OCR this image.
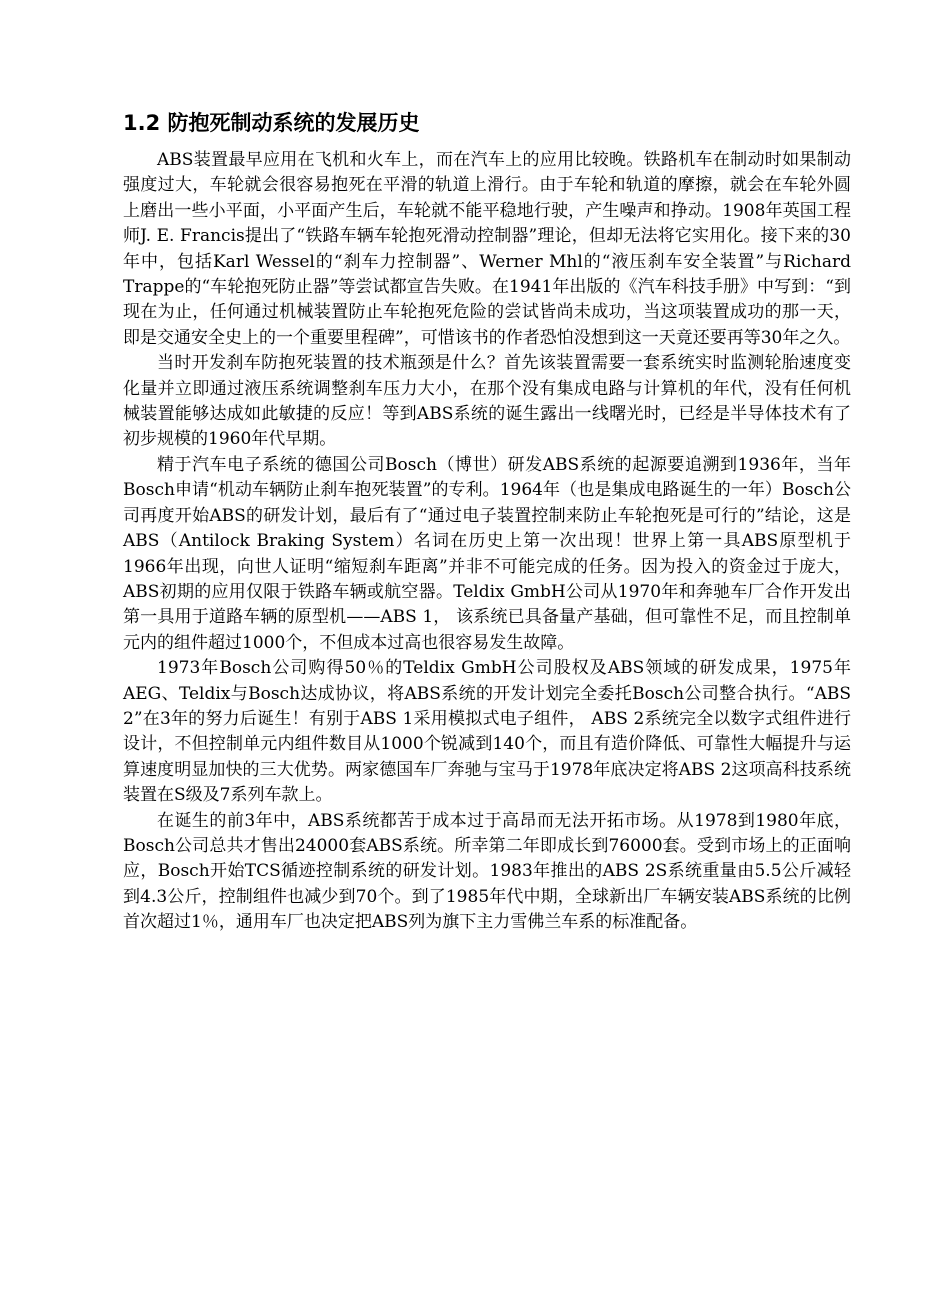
1.2 防抱死制动系统的发展历史

ABS装置最早应用在飞机和火车上，而在汽车上的应用比较晚。铁路机车在制动时如果制动强度过大，车轮就会很容易抱死在平滑的轨道上滑行。由于车轮和轨道的摩擦，就会在车轮外圆上磨出一些小平面，小平面产生后，车轮就不能平稳地行驶，产生噪声和挣动。1908年英国工程师J. E. Francis提出了“铁路车辆车轮抱死滑动控制器”理论，但却无法将它实用化。接下来的30年中，包括Karl Wessel的“刹车力控制器”、Werner Mhl的“液压刹车安全装置”与Richard Trappe的“车轮抱死防止器”等尝试都宣告失败。在1941年出版的《汽车科技手册》中写到：“到现在为止，任何通过机械装置防止车轮抱死危险的尝试皆尚未成功，当这项装置成功的那一天，即是交通安全史上的一个重要里程碑”，可惜该书的作者恐怕没想到这一天竟还要再等30年之久。

当时开发刹车防抱死装置的技术瓶颈是什么？首先该装置需要一套系统实时监测轮胎速度变化量并立即通过液压系统调整刹车压力大小，在那个没有集成电路与计算机的年代，没有任何机械装置能够达成如此敏捷的反应！等到ABS系统的诞生露出一线曙光时，已经是半导体技术有了初步规模的1960年代早期。

精于汽车电子系统的德国公司Bosch（博世）研发ABS系统的起源要追溯到1936年，当年Bosch申请“机动车辆防止刹车抱死装置”的专利。1964年（也是集成电路诞生的一年）Bosch公司再度开始ABS的研发计划，最后有了“通过电子装置控制来防止车轮抱死是可行的”结论，这是ABS（Antilock Braking System）名词在历史上第一次出现！世界上第一具ABS原型机于1966年出现，向世人证明“缩短刹车距离”并非不可能完成的任务。因为投入的资金过于庞大，ABS初期的应用仅限于铁路车辆或航空器。Teldix GmbH公司从1970年和奔驰车厂合作开发出第一具用于道路车辆的原型机——ABS 1， 该系统已具备量产基础，但可靠性不足，而且控制单元内的组件超过1000个，不但成本过高也很容易发生故障。

1973年Bosch公司购得50％的Teldix GmbH公司股权及ABS领域的研发成果，1975年AEG、Teldix与Bosch达成协议，将ABS系统的开发计划完全委托Bosch公司整合执行。“ABS 2”在3年的努力后诞生！有别于ABS 1采用模拟式电子组件， ABS 2系统完全以数字式组件进行设计，不但控制单元内组件数目从1000个锐减到140个，而且有造价降低、可靠性大幅提升与运算速度明显加快的三大优势。两家德国车厂奔驰与宝马于1978年底决定将ABS 2这项高科技系统装置在S级及7系列车款上。

在诞生的前3年中，ABS系统都苦于成本过于高昂而无法开拓市场。从1978到1980年底，Bosch公司总共才售出24000套ABS系统。所幸第二年即成长到76000套。受到市场上的正面响应，Bosch开始TCS循迹控制系统的研发计划。1983年推出的ABS 2S系统重量由5.5公斤减轻到4.3公斤，控制组件也减少到70个。到了1985年代中期，全球新出厂车辆安装ABS系统的比例首次超过1％，通用车厂也决定把ABS列为旗下主力雪佛兰车系的标准配备。
